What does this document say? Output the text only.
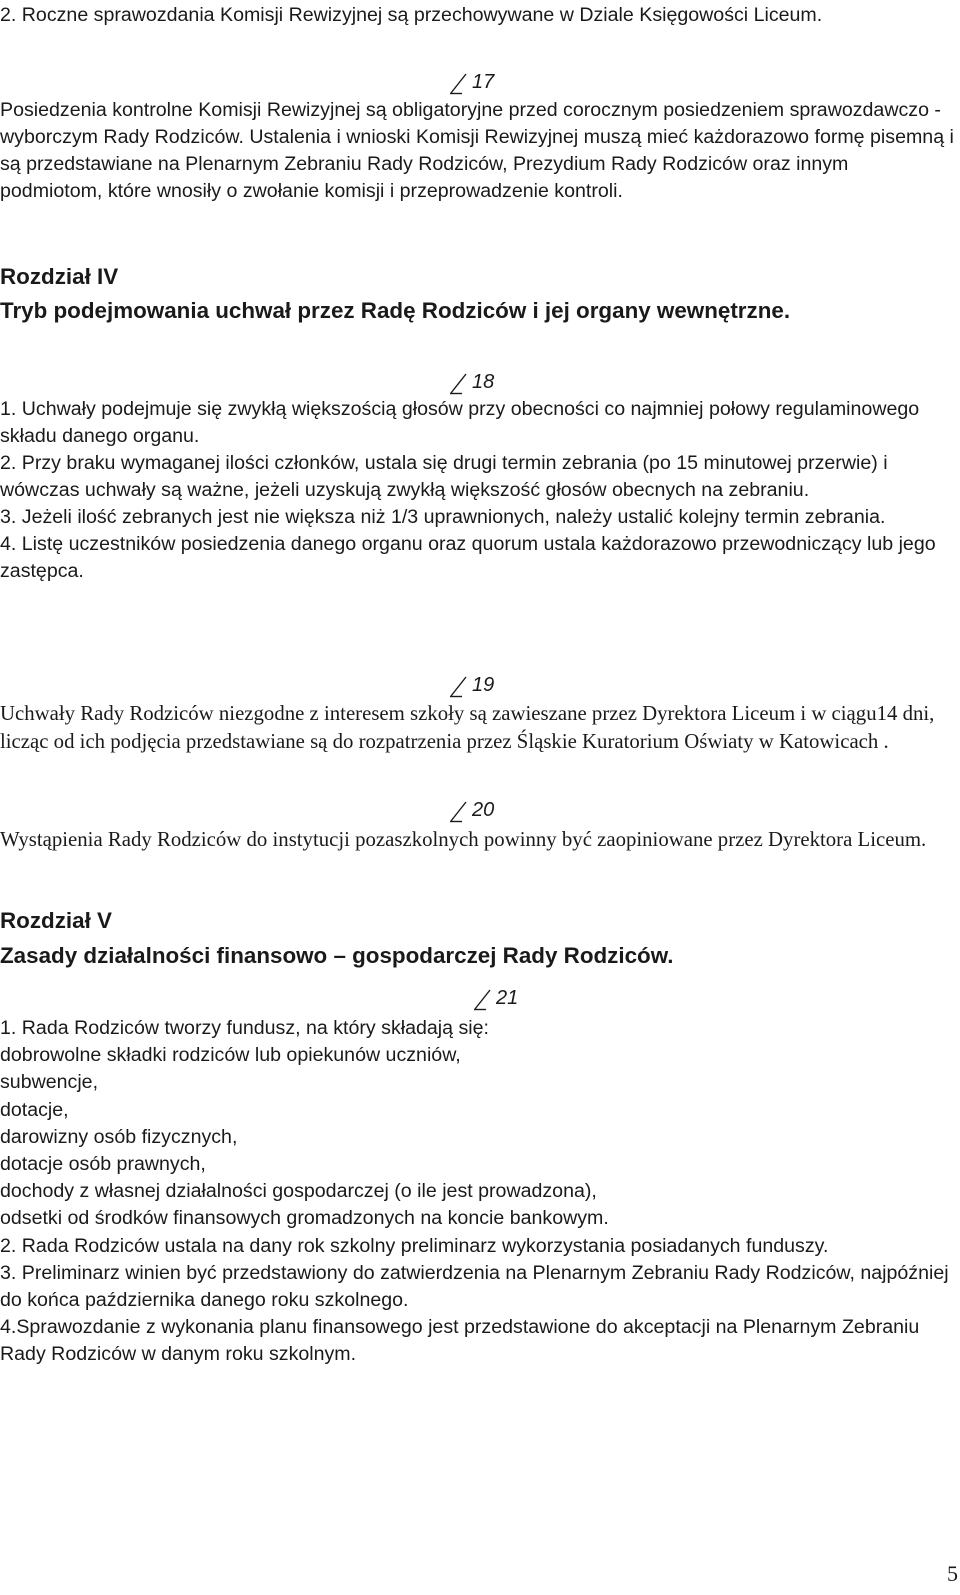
2. Roczne sprawozdania Komisji Rewizyjnej są przechowywane w Dziale Księgowości Liceum.

17

Posiedzenia kontrolne Komisji Rewizyjnej są obligatoryjne przed corocznym posiedzeniem sprawozdawczo - wyborczym Rady Rodziców. Ustalenia i wnioski Komisji Rewizyjnej muszą mieć każdorazowo formę pisemną i są przedstawiane na Plenarnym Zebraniu Rady Rodziców, Prezydium Rady Rodziców oraz innym podmiotom, które wnosiły o zwołanie komisji i przeprowadzenie kontroli.

Rozdział IV
Tryb podejmowania uchwał przez Radę Rodziców i jej organy wewnętrzne.
18
1. Uchwały podejmuje się zwykłą większością głosów przy obecności co najmniej połowy regulaminowego składu danego organu.
2. Przy braku wymaganej ilości członków, ustala się drugi termin zebrania (po 15 minutowej przerwie) i wówczas uchwały są ważne, jeżeli uzyskują zwykłą większość głosów obecnych na zebraniu.
3. Jeżeli ilość zebranych jest nie większa niż 1/3 uprawnionych, należy ustalić kolejny termin zebrania.
4. Listę uczestników posiedzenia danego organu oraz quorum ustala każdorazowo przewodniczący lub jego zastępca.
19

Uchwały Rady Rodziców niezgodne z interesem szkoły są zawieszane przez Dyrektora Liceum i w ciągu14 dni, licząc od ich podjęcia przedstawiane są do rozpatrzenia przez Śląskie Kuratorium Oświaty w Katowicach .

20

Wystąpienia Rady Rodziców do instytucji pozaszkolnych powinny być zaopiniowane przez Dyrektora Liceum.

Rozdział V
Zasady działalności finansowo – gospodarczej Rady Rodziców.
21
1. Rada Rodziców tworzy fundusz, na który składają się:
dobrowolne składki rodziców lub opiekunów uczniów,
subwencje,
dotacje,
darowizny osób fizycznych,
dotacje osób prawnych,
dochody z własnej działalności gospodarczej (o ile jest prowadzona),
odsetki od środków finansowych gromadzonych na koncie bankowym.
2. Rada Rodziców ustala na dany rok szkolny preliminarz wykorzystania posiadanych funduszy.
3. Preliminarz winien być przedstawiony do zatwierdzenia na Plenarnym Zebraniu Rady Rodziców, najpóźniej do końca października danego roku szkolnego.
4.Sprawozdanie z wykonania planu finansowego jest przedstawione do akceptacji na Plenarnym Zebraniu Rady Rodziców w danym roku szkolnym.
5
